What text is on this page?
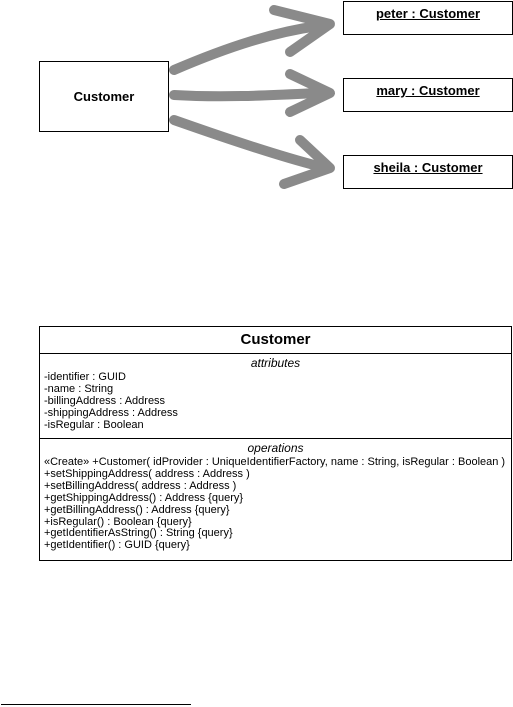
Customer
peter : Customer
mary : Customer
sheila : Customer
Customer
attributes
-identifier : GUID
-name : String
-billingAddress : Address
-shippingAddress : Address
-isRegular : Boolean
operations
«Create» +Customer( idProvider : UniqueIdentifierFactory, name : String, isRegular : Boolean )
+setShippingAddress( address : Address )
+setBillingAddress( address : Address )
+getShippingAddress() : Address {query}
+getBillingAddress() : Address {query}
+isRegular() : Boolean {query}
+getIdentifierAsString() : String {query}
+getIdentifier() : GUID {query}
